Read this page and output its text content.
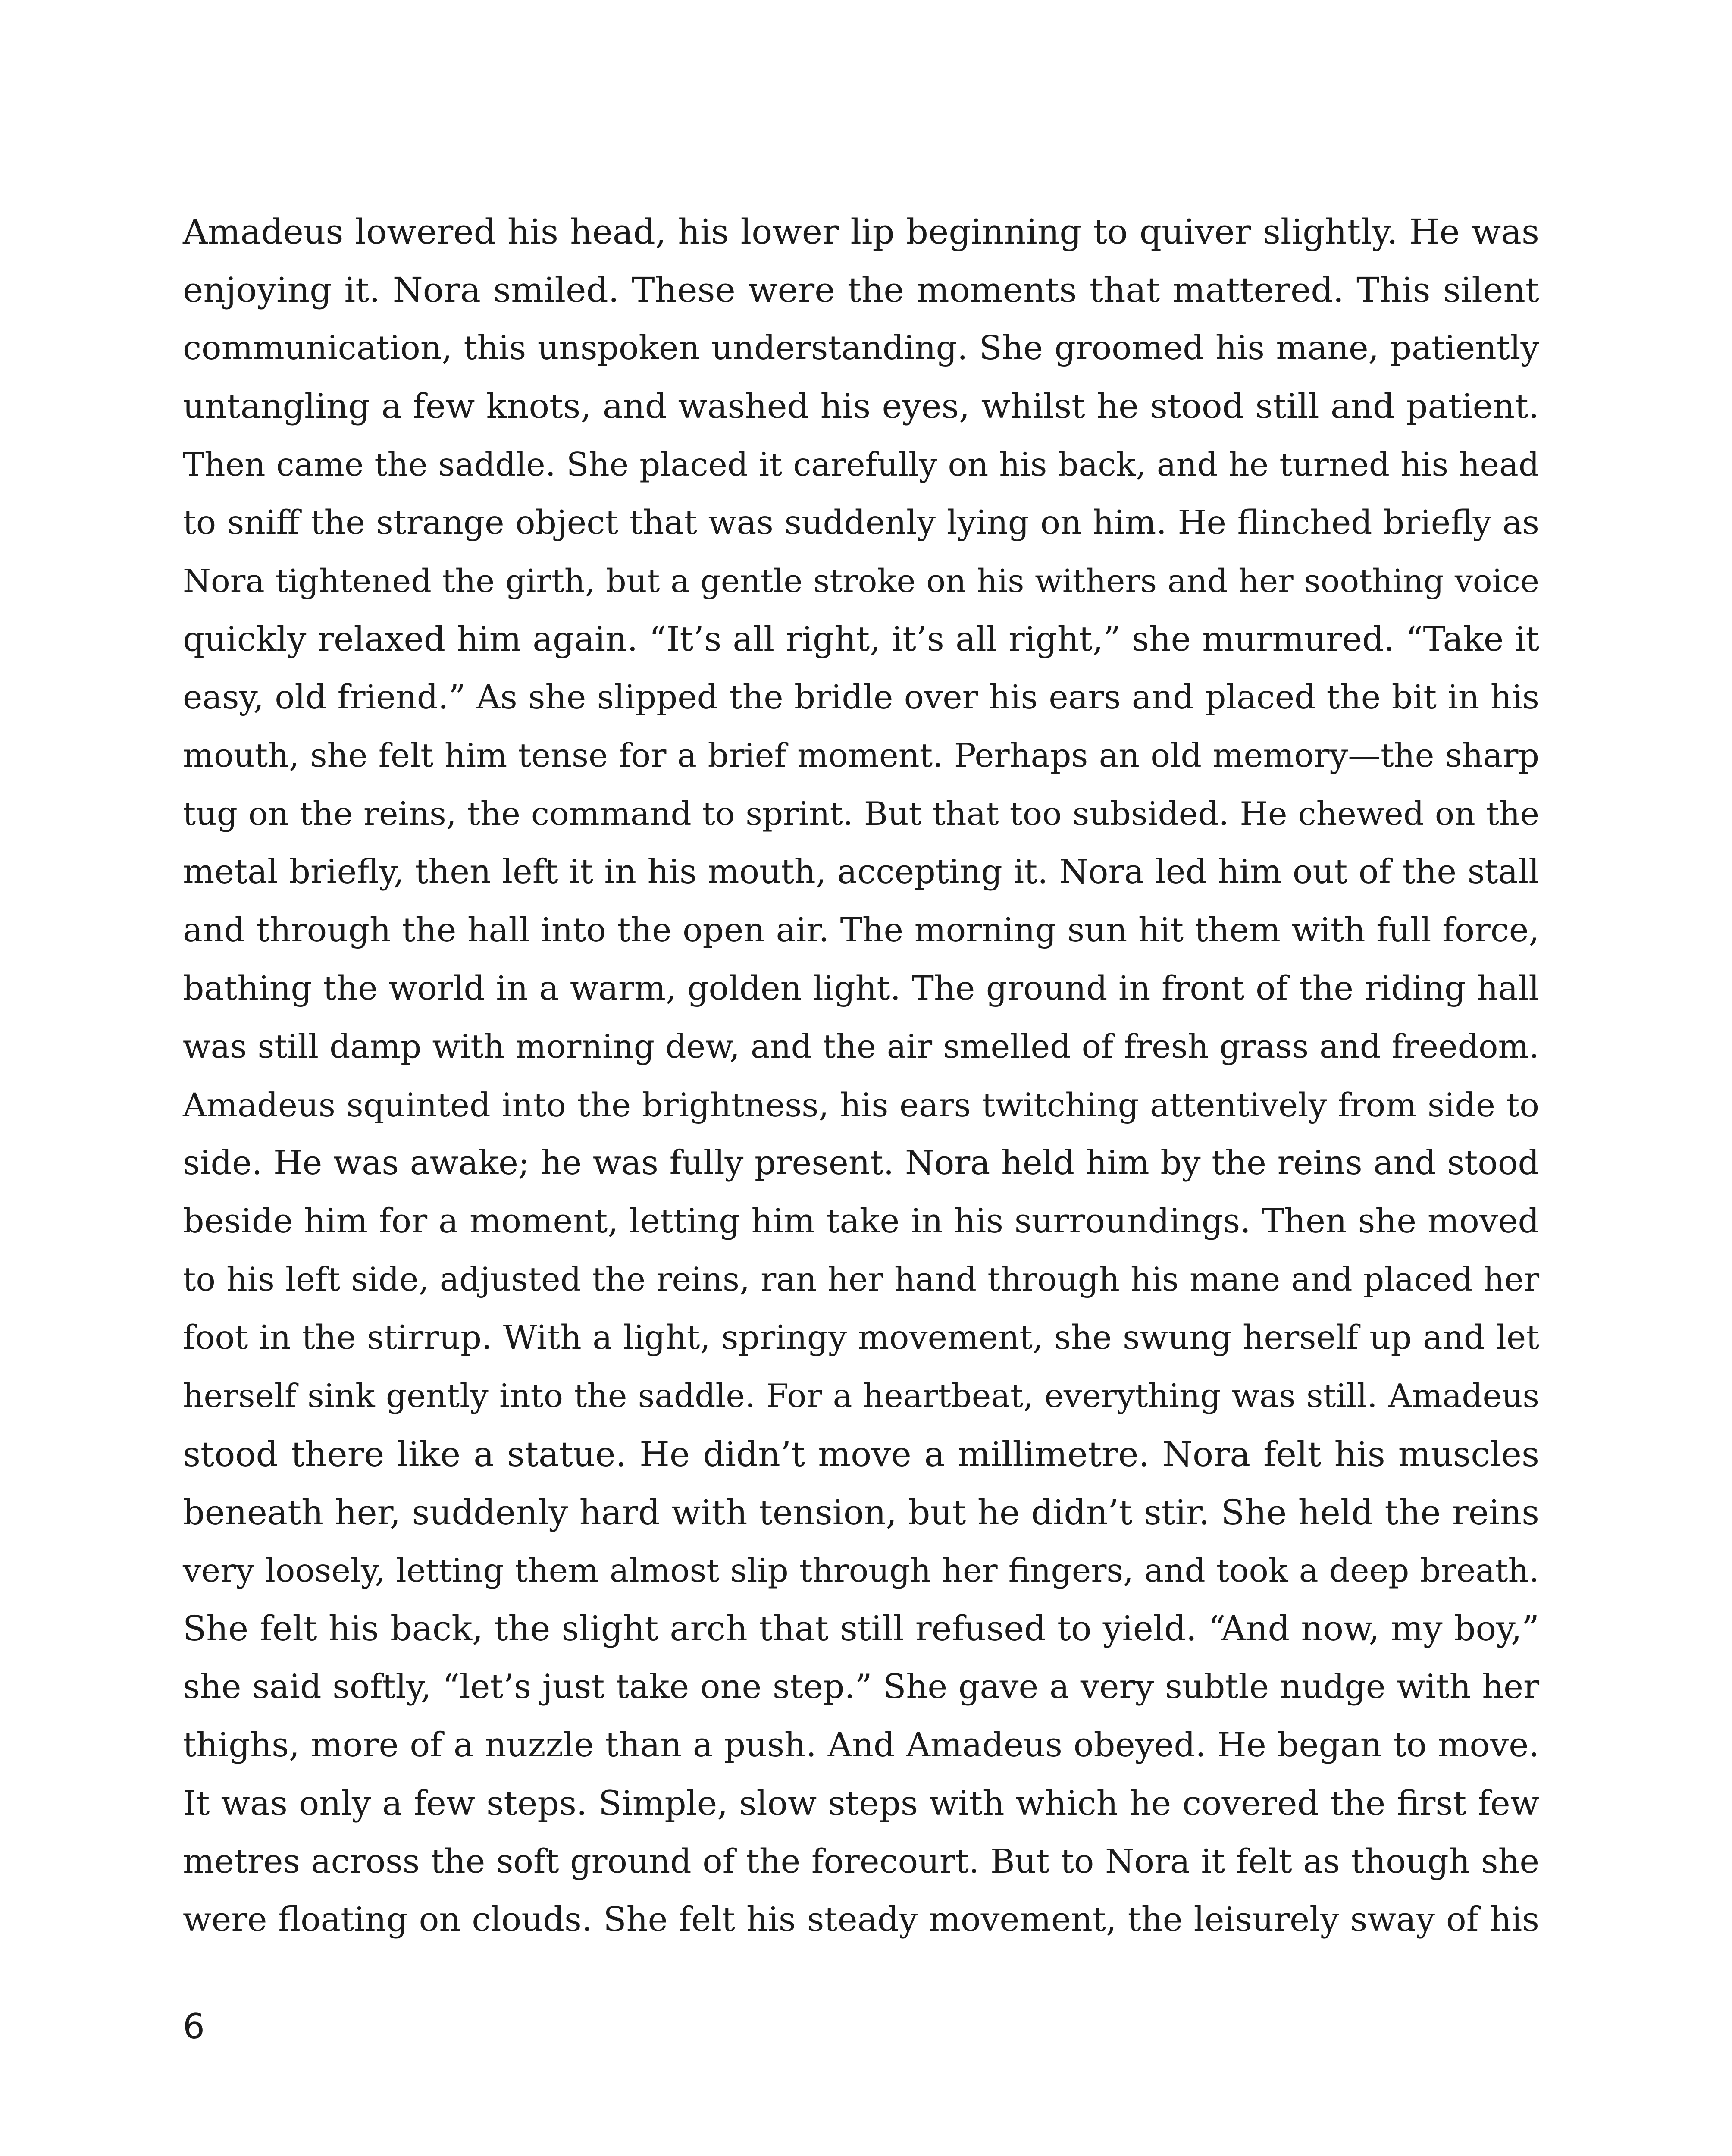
Amadeus lowered his head, his lower lip beginning to quiver slightly. He was
enjoying it. Nora smiled. These were the moments that mattered. This silent
communication, this unspoken understanding. She groomed his mane, patiently
untangling a few knots, and washed his eyes, whilst he stood still and patient.
Then came the saddle. She placed it carefully on his back, and he turned his head
to sniff the strange object that was suddenly lying on him. He flinched briefly as
Nora tightened the girth, but a gentle stroke on his withers and her soothing voice
quickly relaxed him again. “It’s all right, it’s all right,” she murmured. “Take it
easy, old friend.” As she slipped the bridle over his ears and placed the bit in his
mouth, she felt him tense for a brief moment. Perhaps an old memory—the sharp
tug on the reins, the command to sprint. But that too subsided. He chewed on the
metal briefly, then left it in his mouth, accepting it. Nora led him out of the stall
and through the hall into the open air. The morning sun hit them with full force,
bathing the world in a warm, golden light. The ground in front of the riding hall
was still damp with morning dew, and the air smelled of fresh grass and freedom.
Amadeus squinted into the brightness, his ears twitching attentively from side to
side. He was awake; he was fully present. Nora held him by the reins and stood
beside him for a moment, letting him take in his surroundings. Then she moved
to his left side, adjusted the reins, ran her hand through his mane and placed her
foot in the stirrup. With a light, springy movement, she swung herself up and let
herself sink gently into the saddle. For a heartbeat, everything was still. Amadeus
stood there like a statue. He didn’t move a millimetre. Nora felt his muscles
beneath her, suddenly hard with tension, but he didn’t stir. She held the reins
very loosely, letting them almost slip through her fingers, and took a deep breath.
She felt his back, the slight arch that still refused to yield. “And now, my boy,”
she said softly, “let’s just take one step.” She gave a very subtle nudge with her
thighs, more of a nuzzle than a push. And Amadeus obeyed. He began to move.
It was only a few steps. Simple, slow steps with which he covered the first few
metres across the soft ground of the forecourt. But to Nora it felt as though she
were floating on clouds. She felt his steady movement, the leisurely sway of his

6
